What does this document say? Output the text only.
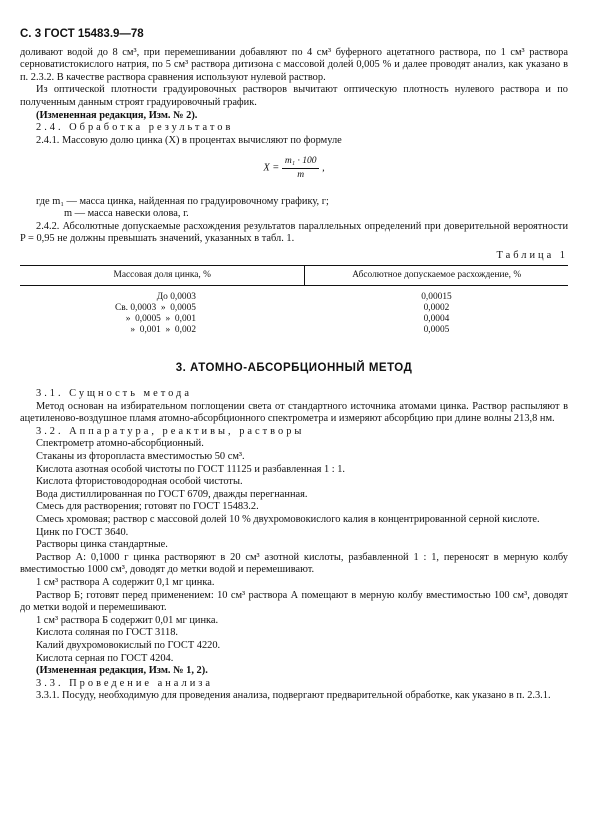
С. 3 ГОСТ 15483.9—78

доливают водой до 8 см³, при перемешивании добавляют по 4 см³ буферного ацетатного раствора, по 1 см³ раствора серноватистокислого натрия, по 5 см³ раствора дитизона с массовой долей 0,005 % и далее проводят анализ, как указано в п. 2.3.2. В качестве раствора сравнения используют нулевой раствор.

Из оптической плотности градуировочных растворов вычитают оптическую плотность нулевого раствора и по полученным данным строят градуировочный график.

(Измененная редакция, Изм. № 2).

2.4. Обработка результатов

2.4.1. Массовую долю цинка (X) в процентах вычисляют по формуле

$X = \frac{\text{m₁ · 100}}{m}$ ,

где m₁ — масса цинка, найденная по градуировочному графику, г;

m — масса навески олова, г.

2.4.2. Абсолютные допускаемые расхождения результатов параллельных определений при доверительной вероятности P = 0,95 не должны превышать значений, указанных в табл. 1.

Таблица 1
Массовая доля цинка, %	Абсолютное допускаемое расхождение, %
До 0,0003	0,00015
Св. 0,0003  »  0,0005	0,0002
»  0,0005  »  0,001	0,0004
»  0,001  »  0,002	0,0005
3. АТОМНО-АБСОРБЦИОННЫЙ МЕТОД

3.1. Сущность метода

Метод основан на избирательном поглощении света от стандартного источника атомами цинка. Раствор распыляют в ацетиленово-воздушное пламя атомно-абсорбционного спектрометра и измеряют абсорбцию при длине волны 213,8 нм.

3.2. Аппаратура, реактивы, растворы

Спектрометр атомно-абсорбционный.

Стаканы из фторопласта вместимостью 50 см³.

Кислота азотная особой чистоты по ГОСТ 11125 и разбавленная 1 : 1.

Кислота фтористоводородная особой чистоты.

Вода дистиллированная по ГОСТ 6709, дважды перегнанная.

Смесь для растворения; готовят по ГОСТ 15483.2.

Смесь хромовая; раствор с массовой долей 10 % двухромовокислого калия в концентрированной серной кислоте.

Цинк по ГОСТ 3640.

Растворы цинка стандартные.

Раствор А: 0,1000 г цинка растворяют в 20 см³ азотной кислоты, разбавленной 1 : 1, переносят в мерную колбу вместимостью 1000 см³, доводят до метки водой и перемешивают.

1 см³ раствора А содержит 0,1 мг цинка.

Раствор Б; готовят перед применением: 10 см³ раствора А помещают в мерную колбу вместимостью 100 см³, доводят до метки водой и перемешивают.

1 см³ раствора Б содержит 0,01 мг цинка.

Кислота соляная по ГОСТ 3118.

Калий двухромовокислый по ГОСТ 4220.

Кислота серная по ГОСТ 4204.

(Измененная редакция, Изм. № 1, 2).

3.3. Проведение анализа

3.3.1. Посуду, необходимую для проведения анализа, подвергают предварительной обработке, как указано в п. 2.3.1.
